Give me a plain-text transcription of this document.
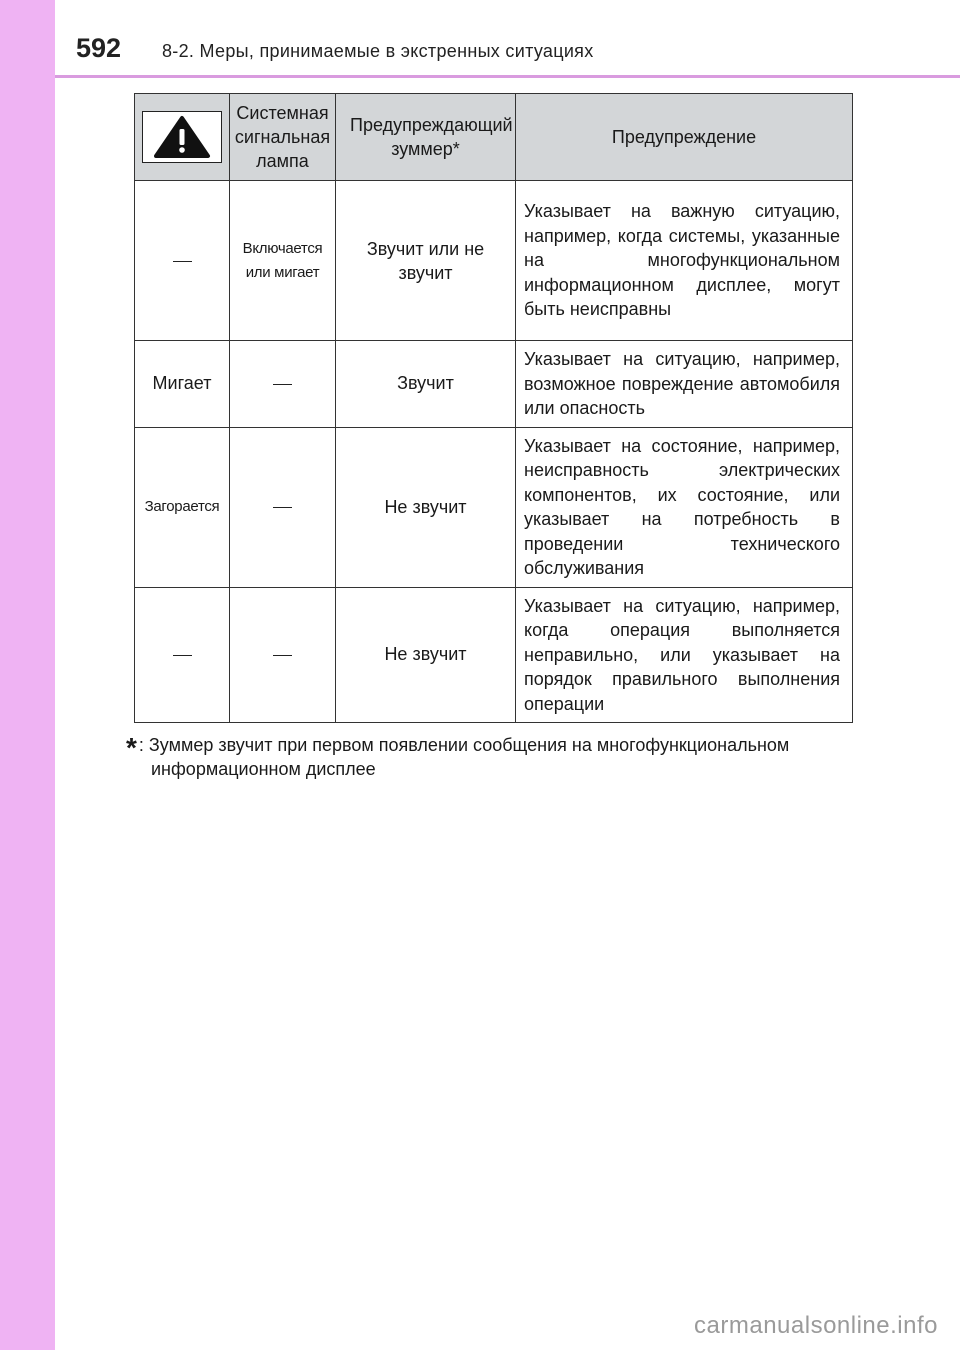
592 8-2. Меры, принимаемые в экстренных ситуациях
	Системная сигнальная лампа	Предупреждающий зуммер*	Предупреждение
	Включается или мигает	Звучит или не звучит	Указывает на важную ситуацию, например, когда системы, указанные на многофункциональном информационном дисплее, могут быть неисправны
Мигает		Звучит	Указывает на ситуацию, например, возможное повреждение автомобиля или опасность
Загорается		Не звучит	Указывает на состояние, например, неисправность электрических компонентов, их состояние, или указывает на потребность в проведении технического обслуживания
		Не звучит	Указывает на ситуацию, например, когда операция выполняется неправильно, или указывает на порядок правильного выполнения операции
* : Зуммер звучит при первом появлении сообщения на многофункциональном
информационном дисплее
carmanualsonline.info
